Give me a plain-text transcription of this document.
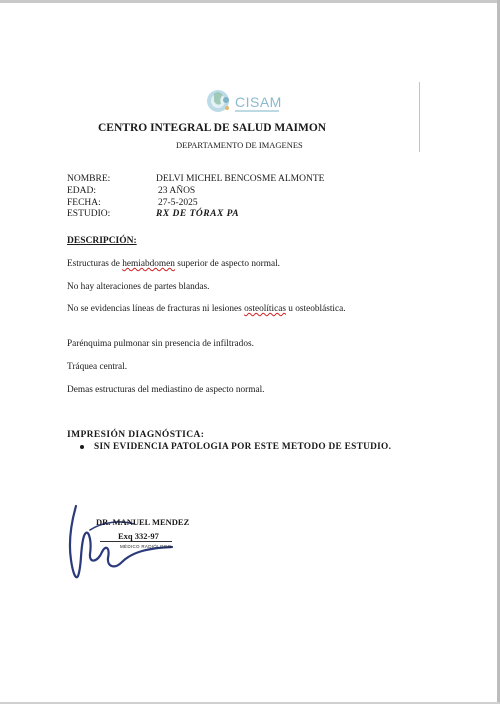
CISAM
CENTRO INTEGRAL DE SALUD MAIMON
DEPARTAMENTO DE IMAGENES
NOMBRE:	DELVI MICHEL BENCOSME ALMONTE
EDAD:	23 AÑOS
FECHA:	27-5-2025
ESTUDIO:	RX DE TÓRAX PA
DESCRIPCIÓN:
Estructuras de hemiabdomen superior de aspecto normal.
No hay alteraciones de partes blandas.
No se evidencias líneas de fracturas ni lesiones osteolíticas u osteoblástica.
Parénquima pulmonar sin presencia de infiltrados.
Tráquea central.
Demas estructuras del mediastino de aspecto normal.
IMPRESIÓN DIAGNÓSTICA:
SIN EVIDENCIA PATOLOGIA POR ESTE METODO DE ESTUDIO.
DR. MANUEL MENDEZ
Exq 332-97
MÉDICO RADIÓLOGO
